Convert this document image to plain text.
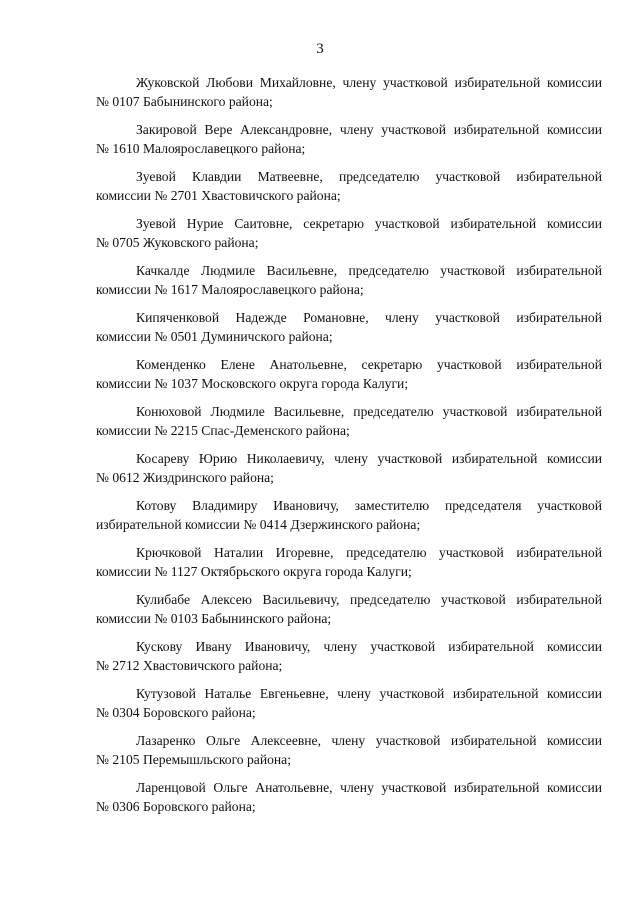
3
Жуковской Любови Михайловне, члену участковой избирательной комиссии
№ 0107 Бабынинского района;
Закировой Вере Александровне, члену участковой избирательной комиссии
№ 1610 Малоярославецкого района;
Зуевой Клавдии Матвеевне, председателю участковой избирательной
комиссии № 2701 Хвастовичского района;
Зуевой Нурие Саитовне, секретарю участковой избирательной комиссии
№ 0705 Жуковского района;
Качкалде Людмиле Васильевне, председателю участковой избирательной
комиссии № 1617 Малоярославецкого района;
Кипяченковой Надежде Романовне, члену участковой избирательной
комиссии № 0501 Думиничского района;
Коменденко Елене Анатольевне, секретарю участковой избирательной
комиссии № 1037 Московского округа города Калуги;
Конюховой Людмиле Васильевне, председателю участковой избирательной
комиссии № 2215 Спас-Деменского района;
Косареву Юрию Николаевичу, члену участковой избирательной комиссии
№ 0612 Жиздринского района;
Котову Владимиру Ивановичу, заместителю председателя участковой
избирательной комиссии № 0414 Дзержинского района;
Крючковой Наталии Игоревне, председателю участковой избирательной
комиссии № 1127 Октябрьского округа города Калуги;
Кулибабе Алексею Васильевичу, председателю участковой избирательной
комиссии № 0103 Бабынинского района;
Кускову Ивану Ивановичу, члену участковой избирательной комиссии
№ 2712 Хвастовичского района;
Кутузовой Наталье Евгеньевне, члену участковой избирательной комиссии
№ 0304 Боровского района;
Лазаренко Ольге Алексеевне, члену участковой избирательной комиссии
№ 2105 Перемышльского района;
Ларенцовой Ольге Анатольевне, члену участковой избирательной комиссии
№ 0306 Боровского района;
